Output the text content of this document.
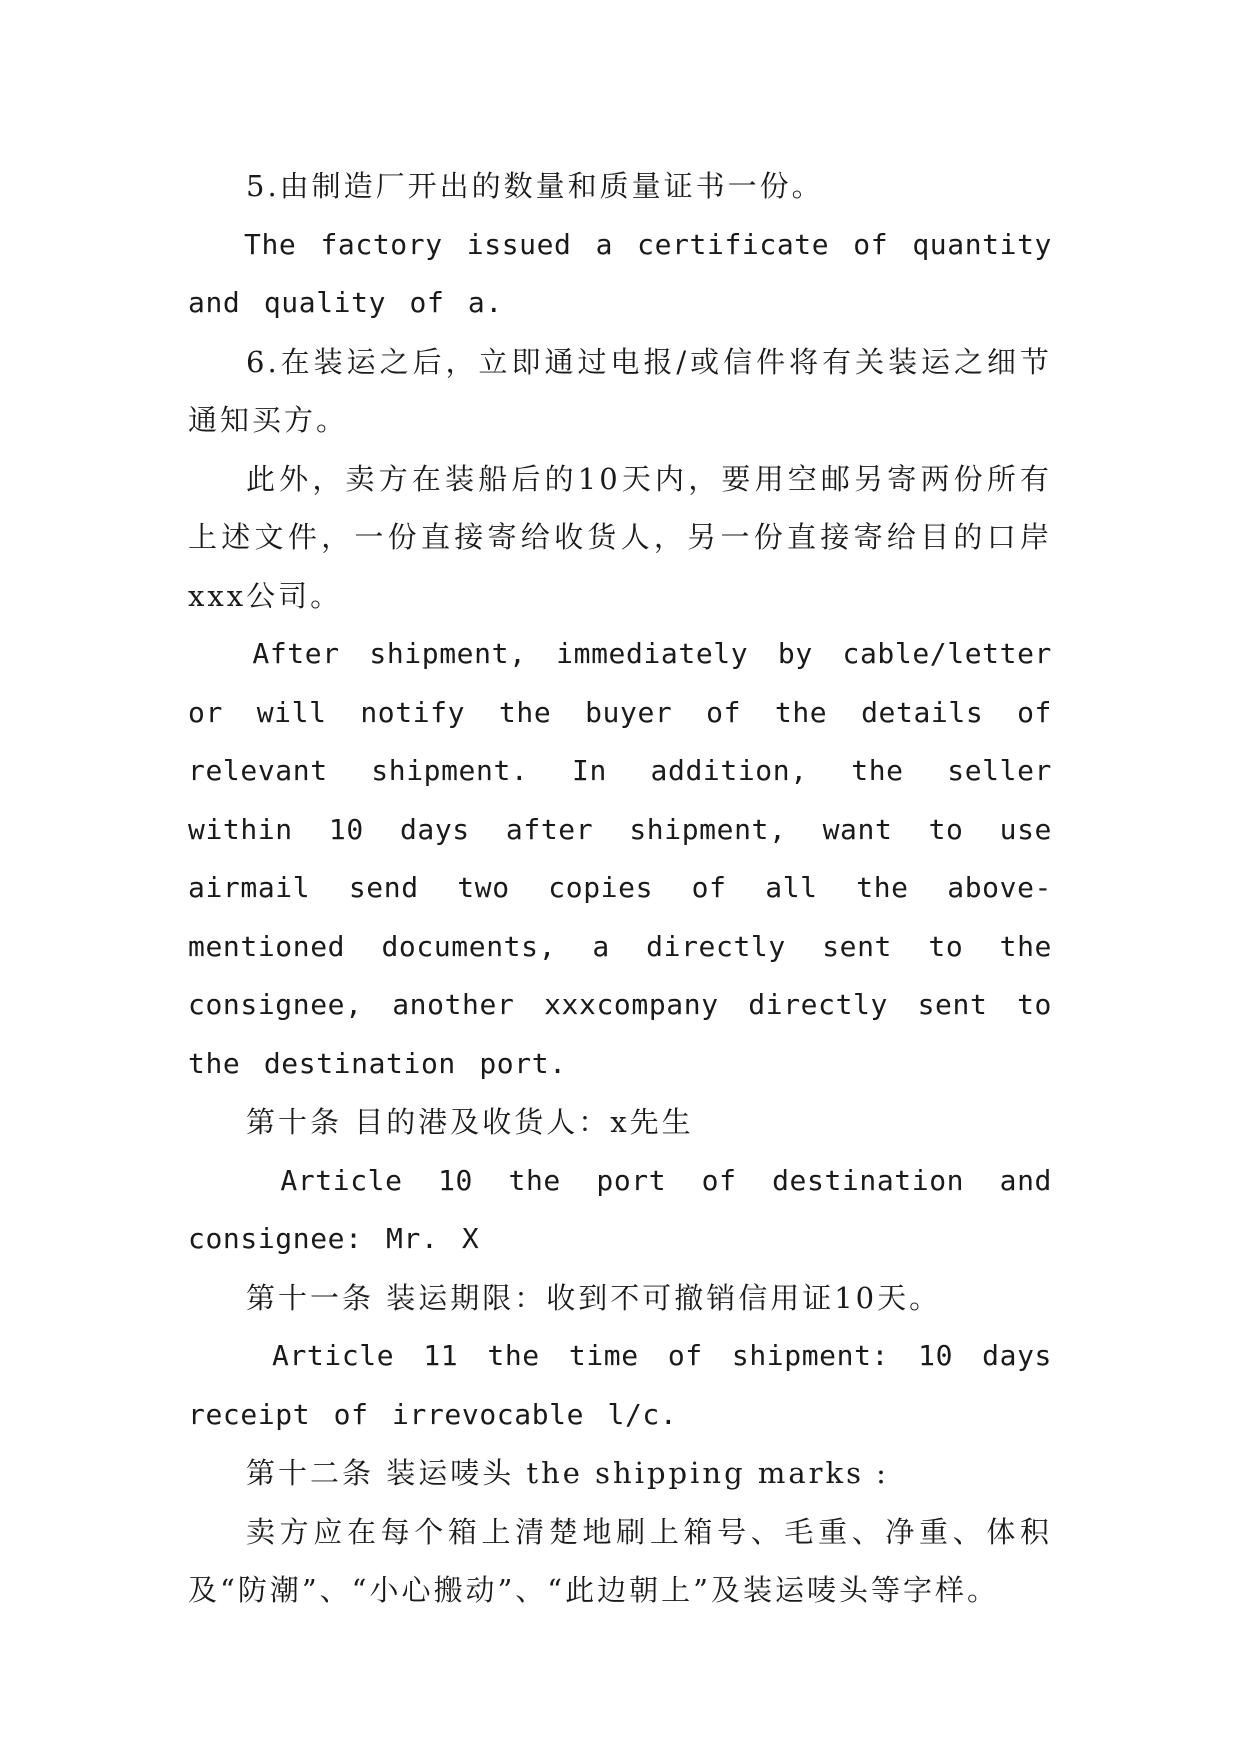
5.由制造厂开出的数量和质量证书一份。

The factory issued a certificate of quantity and quality of a.

6.在装运之后，立即通过电报/或信件将有关装运之细节通知买方。

此外，卖方在装船后的10天内，要用空邮另寄两份所有上述文件，一份直接寄给收货人，另一份直接寄给目的口岸xxx公司。

After shipment, immediately by cable/letter or will notify the buyer of the details of relevant shipment. In addition, the seller within 10 days after shipment, want to use airmail send two copies of all the above-mentioned documents, a directly sent to the consignee, another xxxcompany directly sent to the destination port.

第十条 目的港及收货人：x先生

Article 10 the port of destination and consignee: Mr. X

第十一条 装运期限：收到不可撤销信用证10天。

Article 11 the time of shipment: 10 days receipt of irrevocable l/c.

第十二条 装运唛头 the shipping marks :

卖方应在每个箱上清楚地刷上箱号、毛重、净重、体积及“防潮”、“小心搬动”、“此边朝上”及装运唛头等字样。
